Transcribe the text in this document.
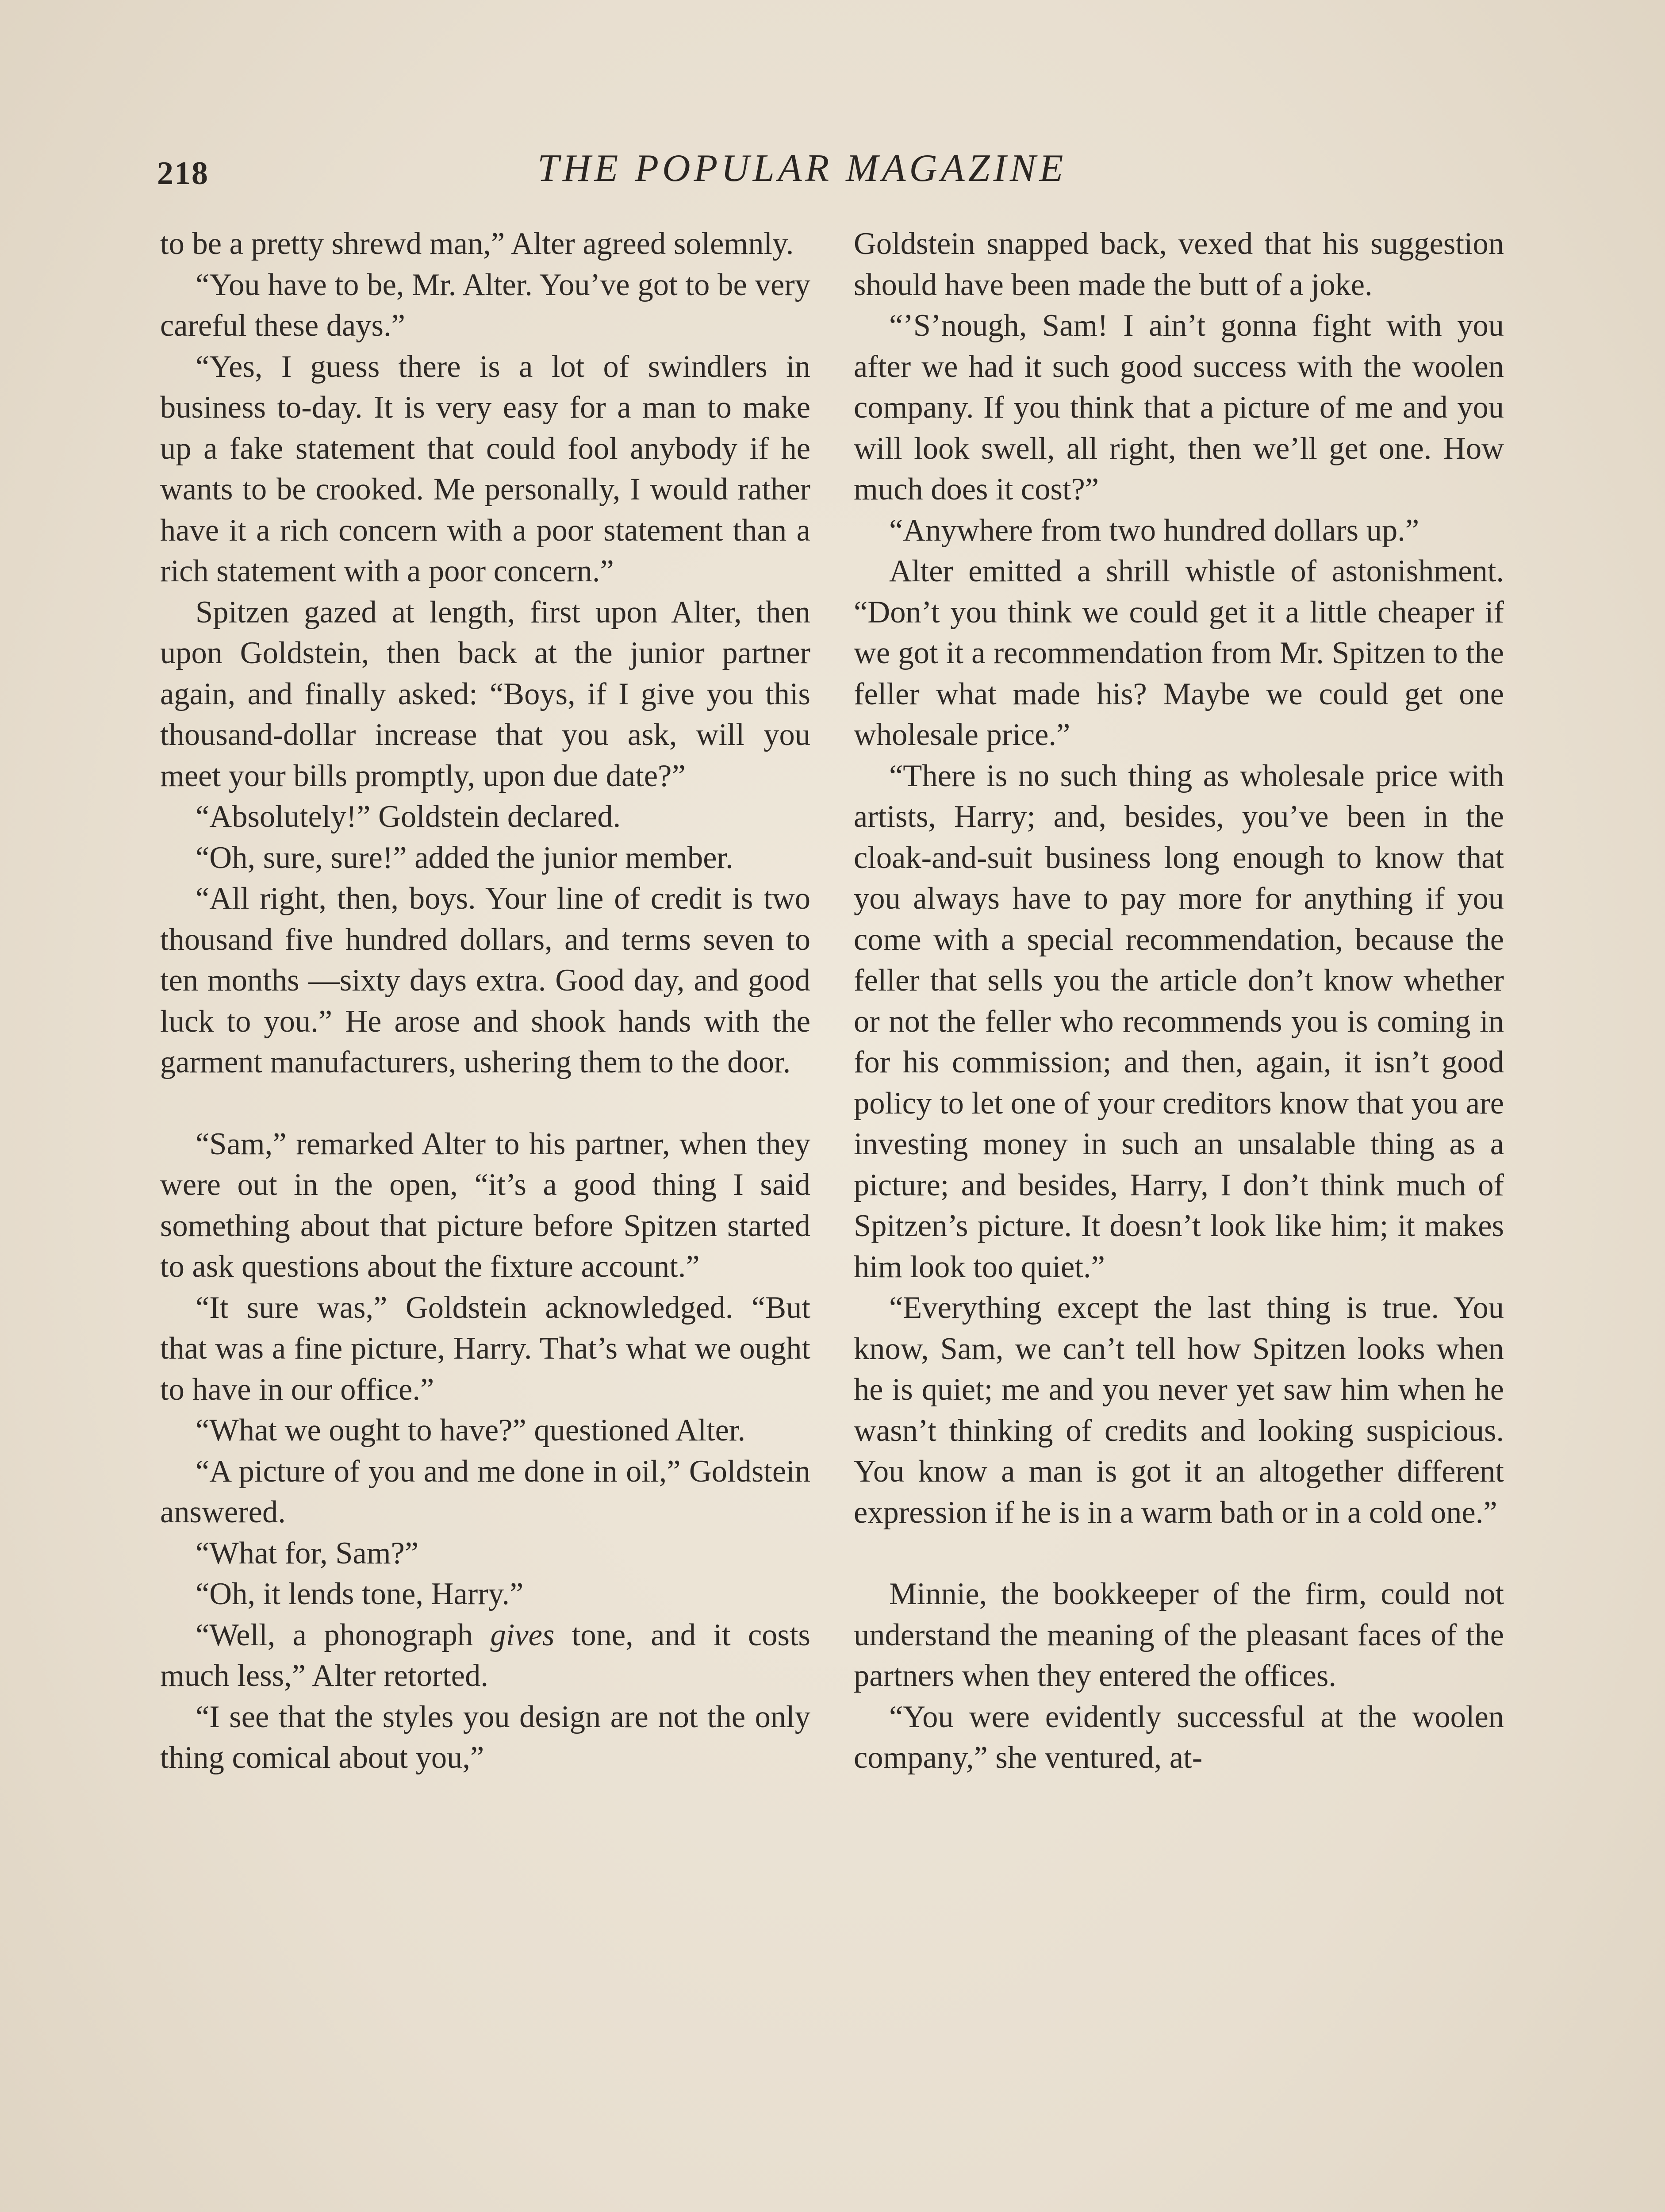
218	THE POPULAR MAGAZINE

to be a pretty shrewd man,” Alter agreed solemnly.

“You have to be, Mr. Alter. You’ve got to be very careful these days.”

“Yes, I guess there is a lot of swindlers in business to-day. It is very easy for a man to make up a fake statement that could fool anybody if he wants to be crooked. Me personally, I would rather have it a rich concern with a poor statement than a rich statement with a poor concern.”

Spitzen gazed at length, first upon Alter, then upon Goldstein, then back at the junior partner again, and finally asked: “Boys, if I give you this thousand-dollar increase that you ask, will you meet your bills promptly, upon due date?”

“Absolutely!” Goldstein declared.

“Oh, sure, sure!” added the junior member.

“All right, then, boys. Your line of credit is two thousand five hundred dollars, and terms seven to ten months —sixty days extra. Good day, and good luck to you.” He arose and shook hands with the garment manufacturers, ushering them to the door.

“Sam,” remarked Alter to his partner, when they were out in the open, “it’s a good thing I said something about that picture before Spitzen started to ask questions about the fixture account.”

“It sure was,” Goldstein acknowledged. “But that was a fine picture, Harry. That’s what we ought to have in our office.”

“What we ought to have?” questioned Alter.

“A picture of you and me done in oil,” Goldstein answered.

“What for, Sam?”

“Oh, it lends tone, Harry.”

“Well, a phonograph gives tone, and it costs much less,” Alter retorted.

“I see that the styles you design are not the only thing comical about you,”

Goldstein snapped back, vexed that his suggestion should have been made the butt of a joke.

“’S’nough, Sam! I ain’t gonna fight with you after we had it such good success with the woolen company. If you think that a picture of me and you will look swell, all right, then we’ll get one. How much does it cost?”

“Anywhere from two hundred dollars up.”

Alter emitted a shrill whistle of astonishment. “Don’t you think we could get it a little cheaper if we got it a recommendation from Mr. Spitzen to the feller what made his? Maybe we could get one wholesale price.”

“There is no such thing as wholesale price with artists, Harry; and, besides, you’ve been in the cloak-and-suit business long enough to know that you always have to pay more for anything if you come with a special recommendation, because the feller that sells you the article don’t know whether or not the feller who recommends you is coming in for his commission; and then, again, it isn’t good policy to let one of your creditors know that you are investing money in such an unsalable thing as a picture; and besides, Harry, I don’t think much of Spitzen’s picture. It doesn’t look like him; it makes him look too quiet.”

“Everything except the last thing is true. You know, Sam, we can’t tell how Spitzen looks when he is quiet; me and you never yet saw him when he wasn’t thinking of credits and looking suspicious. You know a man is got it an altogether different expression if he is in a warm bath or in a cold one.”

Minnie, the bookkeeper of the firm, could not understand the meaning of the pleasant faces of the partners when they entered the offices.

“You were evidently successful at the woolen company,” she ventured, at-
